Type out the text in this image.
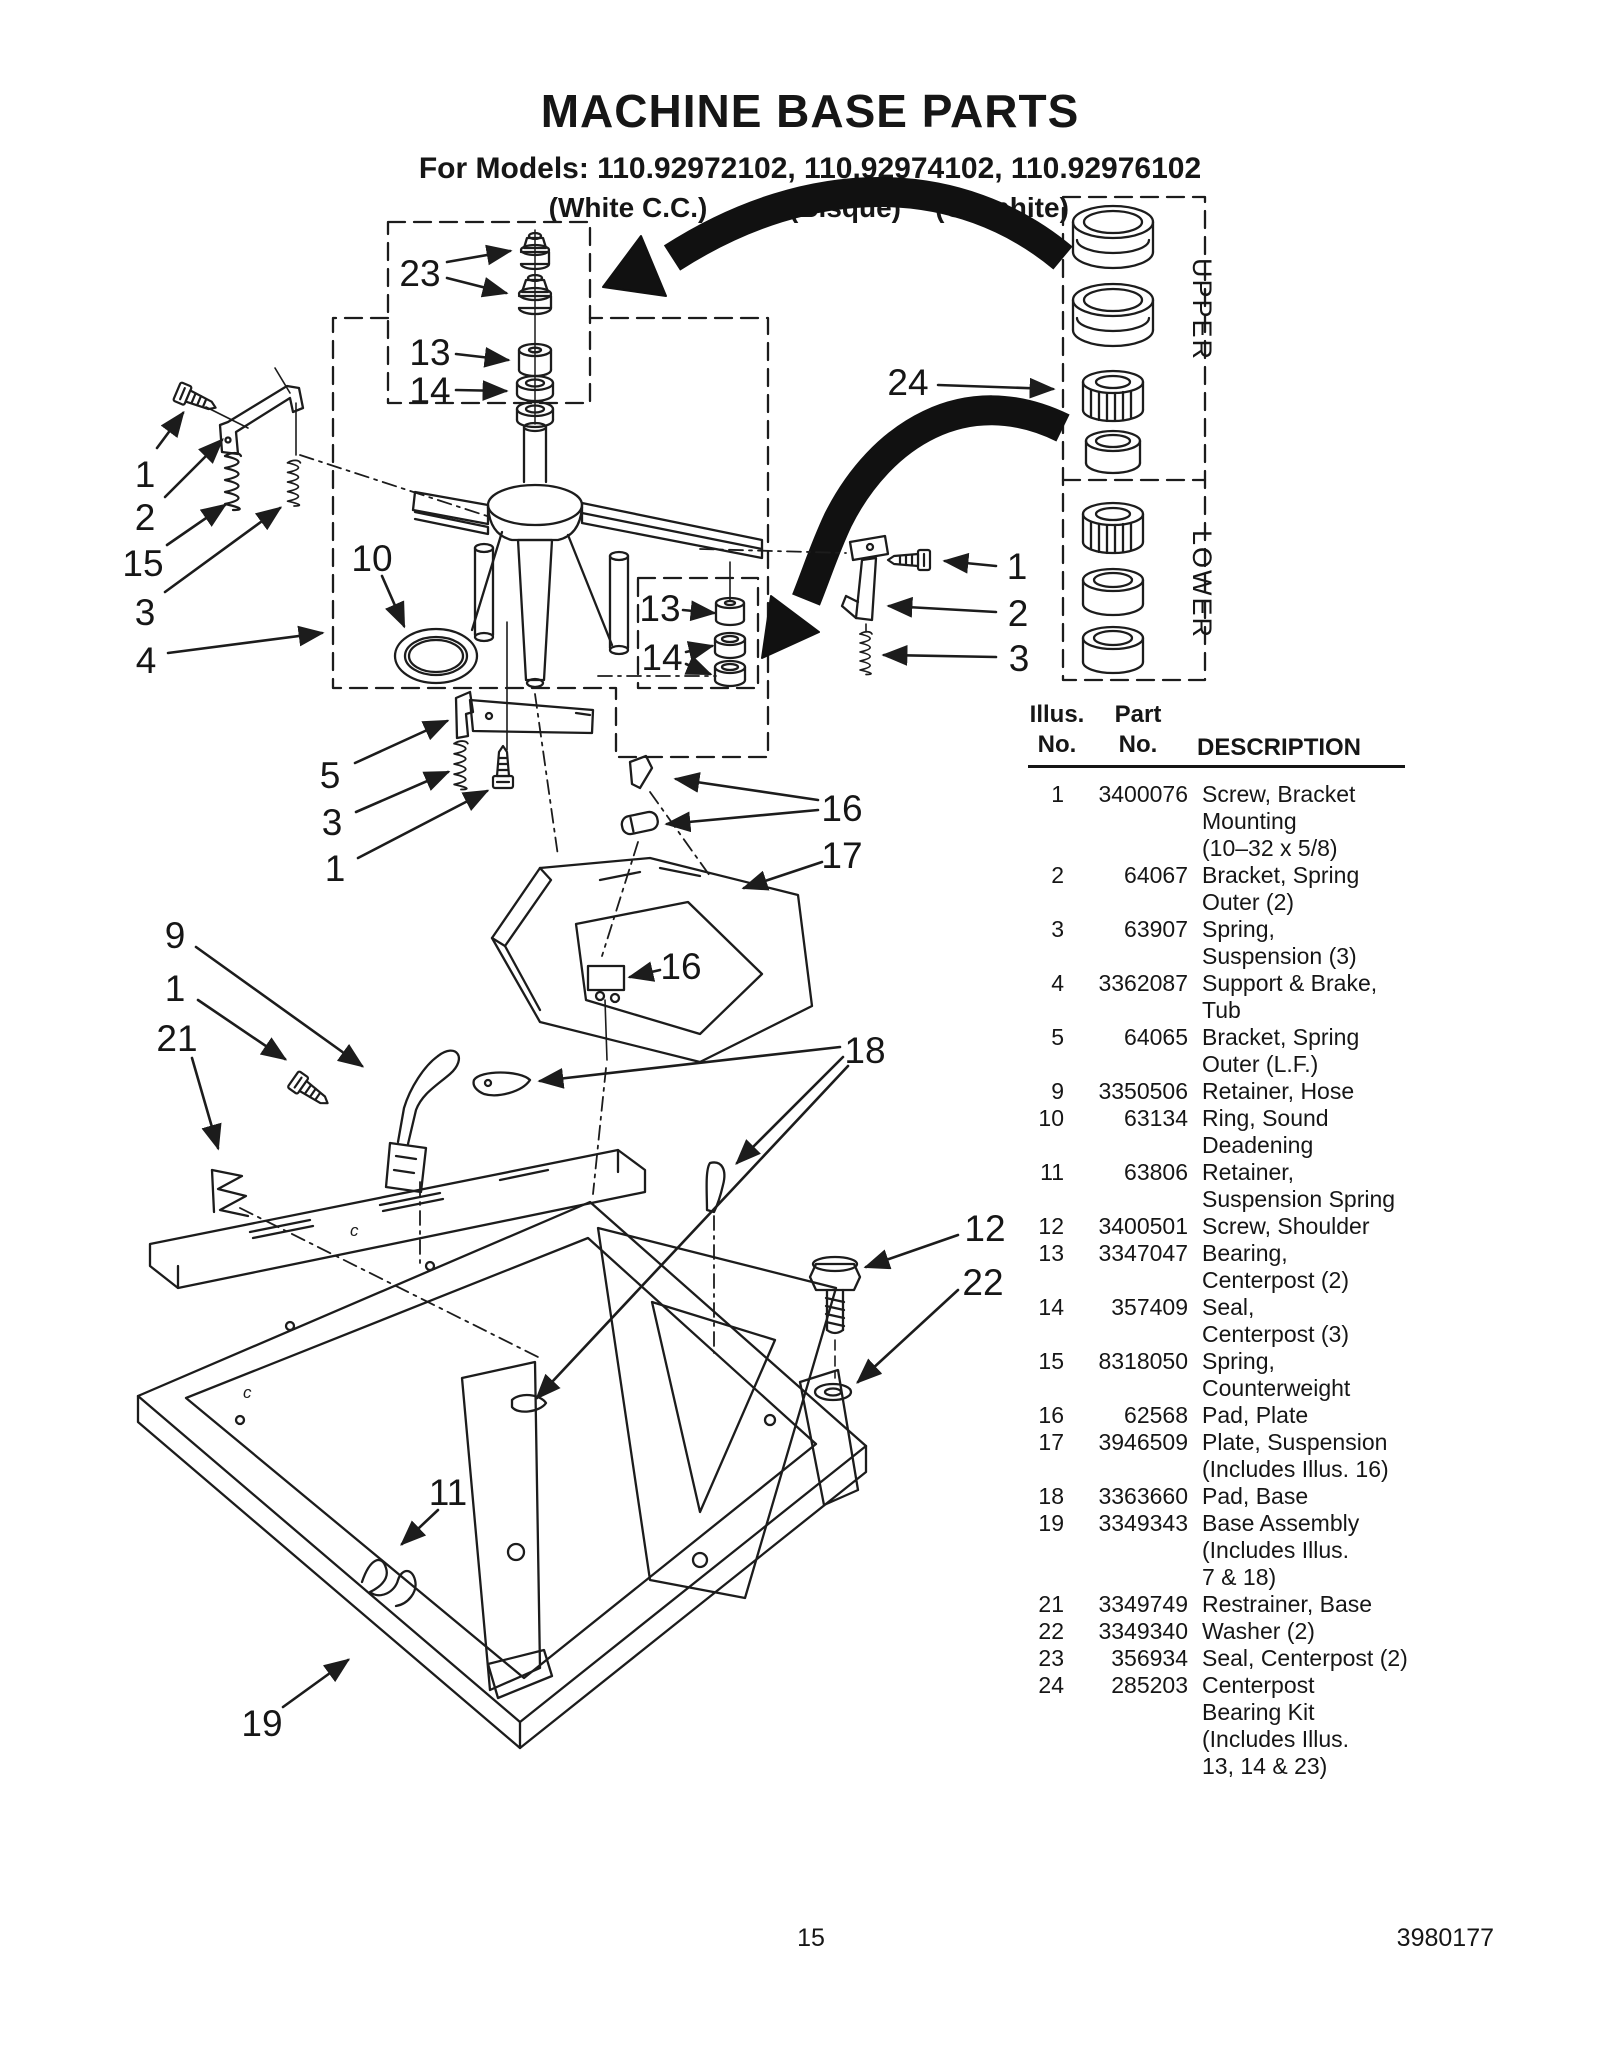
MACHINE BASE PARTS
For Models: 110.92972102, 110.92974102, 110.92976102
(White C.C.)	(Bisque)	(Graphite)
c
c
23
13
14	24
1
2
15
3
4
10
5
3
1
16
17
16
9
1
21	18
12
22
11
19
13
14
1
2
3
UPPER
LOWER
Illus.
No.
Part
No.	DESCRIPTION
1	3400076 Screw, Bracket
Mounting
(10–32 x 5/8)
2	64067 Bracket, Spring
Outer (2)
3	63907 Spring,
Suspension (3)
4	3362087 Support & Brake,
Tub
5	64065 Bracket, Spring
Outer (L.F.)
9	3350506 Retainer, Hose
10	63134 Ring, Sound
Deadening
11	63806 Retainer,
Suspension Spring
12	3400501 Screw, Shoulder
13	3347047 Bearing,
Centerpost (2)
14	357409 Seal,
Centerpost (3)
15	8318050 Spring,
Counterweight
16	62568 Pad, Plate
17	3946509 Plate, Suspension
(Includes Illus. 16)
18	3363660 Pad, Base
19	3349343 Base Assembly
(Includes Illus.
7 & 18)
21	3349749 Restrainer, Base
22	3349340 Washer (2)
23	356934 Seal, Centerpost (2)
24	285203 Centerpost
Bearing Kit
(Includes Illus.
13, 14 & 23)
15	3980177
